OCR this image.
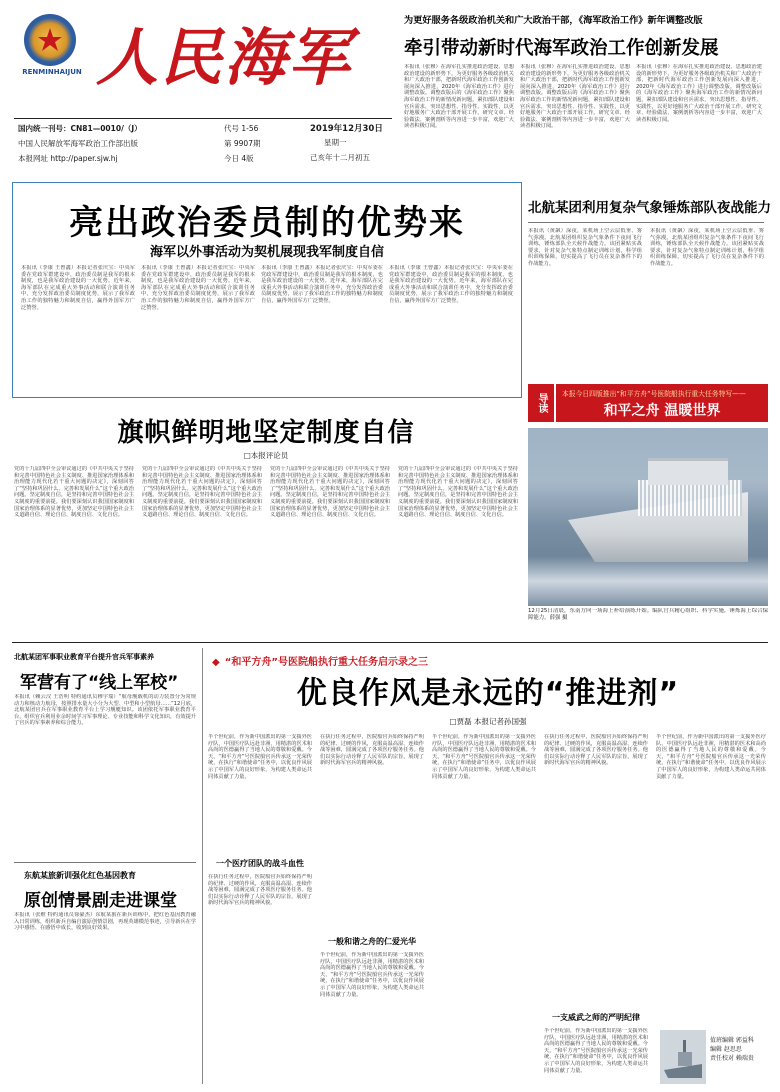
RENMINHAIJUN 人民海军
国内统一刊号：CN81—0010/（J）
中国人民解放军海军政治工作部出版
本报网址 http://paper.sjw.hj
代号 1-56
第 9907期
今日 4版
2019年12月30日
星期一
己亥年十二月初五
为更好服务各级政治机关和广大政治干部，《海军政治工作》新年调整改版
牵引带动新时代海军政治工作创新发展
本报讯（张穆）在海军扎实推进政治建设、思想政治建设的新形势下，为更好服务各级政治机关和广大政治干部，把新时代海军政治工作创新发展向深入推进，2020年《海军政治工作》进行调整改版。调整改版后的《海军政治工作》聚焦海军政治工作的新情况新问题，紧扣部队建设和官兵需求，突出思想性、指导性、实践性，以更好地服务广大政治干部开展工作。研究文章、经验做法、案例剖析等内容进一步丰富，欢迎广大读者积极订阅。
本报讯（张穆）在海军扎实推进政治建设、思想政治建设的新形势下，为更好服务各级政治机关和广大政治干部，把新时代海军政治工作创新发展向深入推进，2020年《海军政治工作》进行调整改版。调整改版后的《海军政治工作》聚焦海军政治工作的新情况新问题，紧扣部队建设和官兵需求，突出思想性、指导性、实践性，以更好地服务广大政治干部开展工作。研究文章、经验做法、案例剖析等内容进一步丰富，欢迎广大读者积极订阅。
本报讯（张穆）在海军扎实推进政治建设、思想政治建设的新形势下，为更好服务各级政治机关和广大政治干部，把新时代海军政治工作创新发展向深入推进，2020年《海军政治工作》进行调整改版。调整改版后的《海军政治工作》聚焦海军政治工作的新情况新问题，紧扣部队建设和官兵需求，突出思想性、指导性、实践性，以更好地服务广大政治干部开展工作。研究文章、经验做法、案例剖析等内容进一步丰富，欢迎广大读者积极订阅。
亮出政治委员制的优势来
海军以外事活动为契机展现我军制度自信
本报讯（李康 王曾鑫）本报记者张庆宝：中央军委在党政军群建设中，政治委员制是我军的根本制度，也是我军政治建设的一大优势。近年来，海军部队在完成重大外事活动和联合演训任务中，充分发挥政治委员制度优势，展示了我军政治工作的独特魅力和制度自信，赢得外国军方广泛赞誉。
本报讯（李康 王曾鑫）本报记者张庆宝：中央军委在党政军群建设中，政治委员制是我军的根本制度，也是我军政治建设的一大优势。近年来，海军部队在完成重大外事活动和联合演训任务中，充分发挥政治委员制度优势，展示了我军政治工作的独特魅力和制度自信，赢得外国军方广泛赞誉。
本报讯（李康 王曾鑫）本报记者张庆宝：中央军委在党政军群建设中，政治委员制是我军的根本制度，也是我军政治建设的一大优势。近年来，海军部队在完成重大外事活动和联合演训任务中，充分发挥政治委员制度优势，展示了我军政治工作的独特魅力和制度自信，赢得外国军方广泛赞誉。
本报讯（李康 王曾鑫）本报记者张庆宝：中央军委在党政军群建设中，政治委员制是我军的根本制度，也是我军政治建设的一大优势。近年来，海军部队在完成重大外事活动和联合演训任务中，充分发挥政治委员制度优势，展示了我军政治工作的独特魅力和制度自信，赢得外国军方广泛赞誉。
北航某团利用复杂气象锤炼部队夜战能力
本报讯（黄飙）深夜，某机场上空云层低垂、雾气弥漫。北航某团组织复杂气象条件下夜间飞行训练，锤炼部队全天候作战能力。该团紧贴实战要求，针对复杂气象特点制定训练计划，科学组织训练保障，切实提高了飞行员在复杂条件下的作战能力。
本报讯（黄飙）深夜，某机场上空云层低垂、雾气弥漫。北航某团组织复杂气象条件下夜间飞行训练，锤炼部队全天候作战能力。该团紧贴实战要求，针对复杂气象特点制定训练计划，科学组织训练保障，切实提高了飞行员在复杂条件下的作战能力。
导读	本报今日四版推出“和平方舟”号医院船执行重大任务特写——
和平之舟 温暖世界
旗帜鲜明地坚定制度自信
□本报评论员
党的十九届四中全会审议通过的《中共中央关于坚持和完善中国特色社会主义制度、推进国家治理体系和治理能力现代化若干重大问题的决定》，深刻回答了“坚持和巩固什么、完善和发展什么”这个重大政治问题。坚定制度自信，是坚持和完善中国特色社会主义制度的重要前提。我们要深刻认识我国国家制度和国家治理体系的显著优势，更加坚定中国特色社会主义道路自信、理论自信、制度自信、文化自信。
党的十九届四中全会审议通过的《中共中央关于坚持和完善中国特色社会主义制度、推进国家治理体系和治理能力现代化若干重大问题的决定》，深刻回答了“坚持和巩固什么、完善和发展什么”这个重大政治问题。坚定制度自信，是坚持和完善中国特色社会主义制度的重要前提。我们要深刻认识我国国家制度和国家治理体系的显著优势，更加坚定中国特色社会主义道路自信、理论自信、制度自信、文化自信。
党的十九届四中全会审议通过的《中共中央关于坚持和完善中国特色社会主义制度、推进国家治理体系和治理能力现代化若干重大问题的决定》，深刻回答了“坚持和巩固什么、完善和发展什么”这个重大政治问题。坚定制度自信，是坚持和完善中国特色社会主义制度的重要前提。我们要深刻认识我国国家制度和国家治理体系的显著优势，更加坚定中国特色社会主义道路自信、理论自信、制度自信、文化自信。
党的十九届四中全会审议通过的《中共中央关于坚持和完善中国特色社会主义制度、推进国家治理体系和治理能力现代化若干重大问题的决定》，深刻回答了“坚持和巩固什么、完善和发展什么”这个重大政治问题。坚定制度自信，是坚持和完善中国特色社会主义制度的重要前提。我们要深刻认识我国国家制度和国家治理体系的显著优势，更加坚定中国特色社会主义道路自信、理论自信、制度自信、文化自信。
12月25日清晨，东南方向一场海上补给演练开始。编队官兵精心组织、科学实施，锤炼海上综合保障能力。薛强 摄
北航某团军事职业教育平台提升官兵军事素养
军营有了“线上军校”
本报讯（赖云汉 王浩明 特约通讯员穆宇瑞）“航母舰载机的动力装置分为常规动力和核动力航母，按照排水量大小分为大型、中型和小型航母……”12月底，北航某团官兵在军事职业教育平台上学习舰艇知识。该团依托军事职业教育平台，组织官兵利用业余时间学习军事理论、专业技能和科学文化知识，有效提升了官兵的军事素养和综合能力。
东航某旅新训强化红色基因教育
原创情景剧走进课堂
本报讯（张维 特约通讯员徐豪杰）东航某旅在新兵训练中，把红色基因教育融入日常训练，组织新兵自编自演原创情景剧，再现英雄模范事迹，引导新兵在学习中感悟、在感悟中成长，收到良好效果。
◆ “和平方舟”号医院船执行重大任务启示录之三
优良作风是永远的“推进剂”
□贾磊 本报记者孙国强
半个世纪前，作为新中国派出的第一支援外医疗队，中国医疗队远赴非洲，用精湛的医术和高尚的医德赢得了当地人民的尊敬和爱戴。今天，“和平方舟”号医院船官兵传承这一光荣传统，在执行“和谐使命”任务中，以优良作风展示了中国军人的良好形象，为构建人类命运共同体贡献了力量。
一个医疗团队的战斗血性
在执行任务过程中，医院船官兵始终保持严明的纪律、过硬的作风，克服高温高湿、连续作战等困难，圆满完成了各项医疗服务任务。他们以实际行动诠释了人民军队的宗旨，展现了新时代海军官兵的精神风貌。
在执行任务过程中，医院船官兵始终保持严明的纪律、过硬的作风，克服高温高湿、连续作战等困难，圆满完成了各项医疗服务任务。他们以实际行动诠释了人民军队的宗旨，展现了新时代海军官兵的精神风貌。
一般和谐之舟的仁爱光华
半个世纪前，作为新中国派出的第一支援外医疗队，中国医疗队远赴非洲，用精湛的医术和高尚的医德赢得了当地人民的尊敬和爱戴。今天，“和平方舟”号医院船官兵传承这一光荣传统，在执行“和谐使命”任务中，以优良作风展示了中国军人的良好形象，为构建人类命运共同体贡献了力量。
半个世纪前，作为新中国派出的第一支援外医疗队，中国医疗队远赴非洲，用精湛的医术和高尚的医德赢得了当地人民的尊敬和爱戴。今天，“和平方舟”号医院船官兵传承这一光荣传统，在执行“和谐使命”任务中，以优良作风展示了中国军人的良好形象，为构建人类命运共同体贡献了力量。
在执行任务过程中，医院船官兵始终保持严明的纪律、过硬的作风，克服高温高湿、连续作战等困难，圆满完成了各项医疗服务任务。他们以实际行动诠释了人民军队的宗旨，展现了新时代海军官兵的精神风貌。
一支威武之师的严明纪律
半个世纪前，作为新中国派出的第一支援外医疗队，中国医疗队远赴非洲，用精湛的医术和高尚的医德赢得了当地人民的尊敬和爱戴。今天，“和平方舟”号医院船官兵传承这一光荣传统，在执行“和谐使命”任务中，以优良作风展示了中国军人的良好形象，为构建人类命运共同体贡献了力量。
半个世纪前，作为新中国派出的第一支援外医疗队，中国医疗队远赴非洲，用精湛的医术和高尚的医德赢得了当地人民的尊敬和爱戴。今天，“和平方舟”号医院船官兵传承这一光荣传统，在执行“和谐使命”任务中，以优良作风展示了中国军人的良好形象，为构建人类命运共同体贡献了力量。
值班编辑 郭益科
编辑 赵思思
责任校对 赖瑞贵
